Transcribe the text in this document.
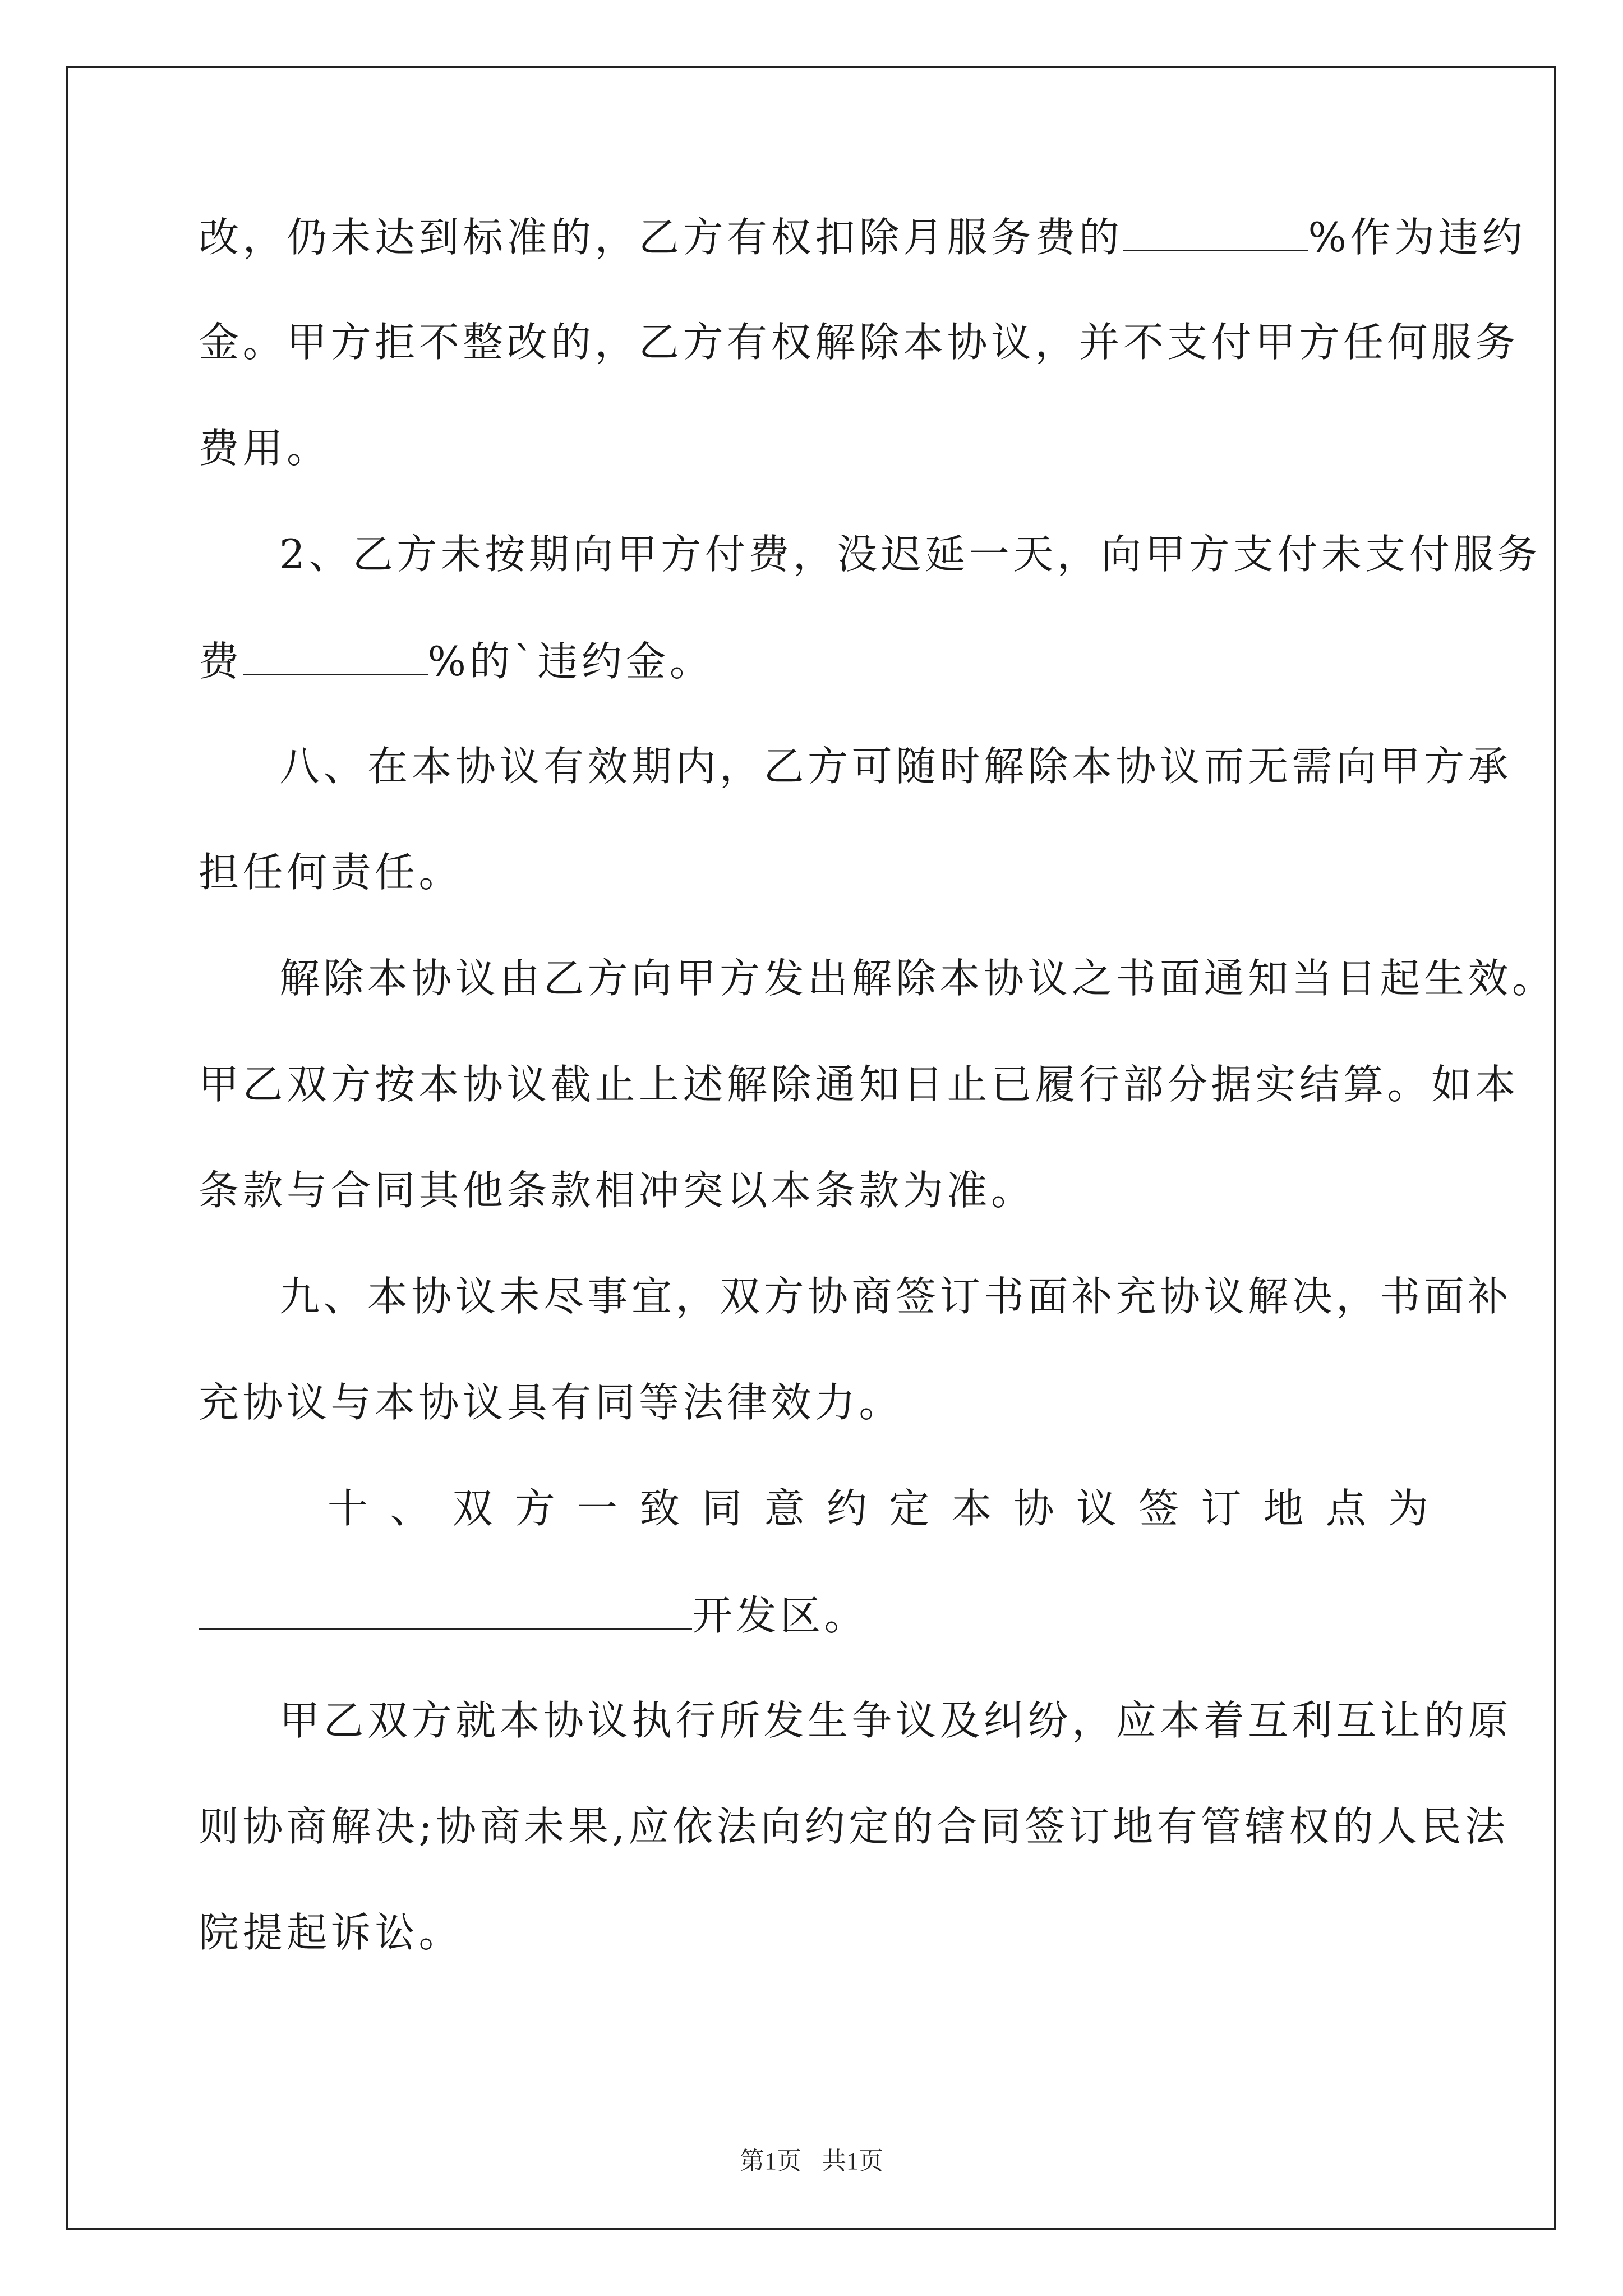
改，仍未达到标准的，乙方有权扣除月服务费的	%作为违约
金。甲方拒不整改的，乙方有权解除本协议，并不支付甲方任何服务
费用。
2、乙方未按期向甲方付费，没迟延一天，向甲方支付未支付服务
费	%的`违约金。
八、在本协议有效期内，乙方可随时解除本协议而无需向甲方承
担任何责任。
解除本协议由乙方向甲方发出解除本协议之书面通知当日起生效。
甲乙双方按本协议截止上述解除通知日止已履行部分据实结算。如本
条款与合同其他条款相冲突以本条款为准。
九、本协议未尽事宜，双方协商签订书面补充协议解决，书面补
充协议与本协议具有同等法律效力。
十 、 双 方 一 致 同 意 约 定 本 协 议 签 订 地 点 为
开发区。
甲乙双方就本协议执行所发生争议及纠纷，应本着互利互让的原
则协商解决;协商未果,应依法向约定的合同签订地有管辖权的人民法
院提起诉讼。
第1页 共1页
